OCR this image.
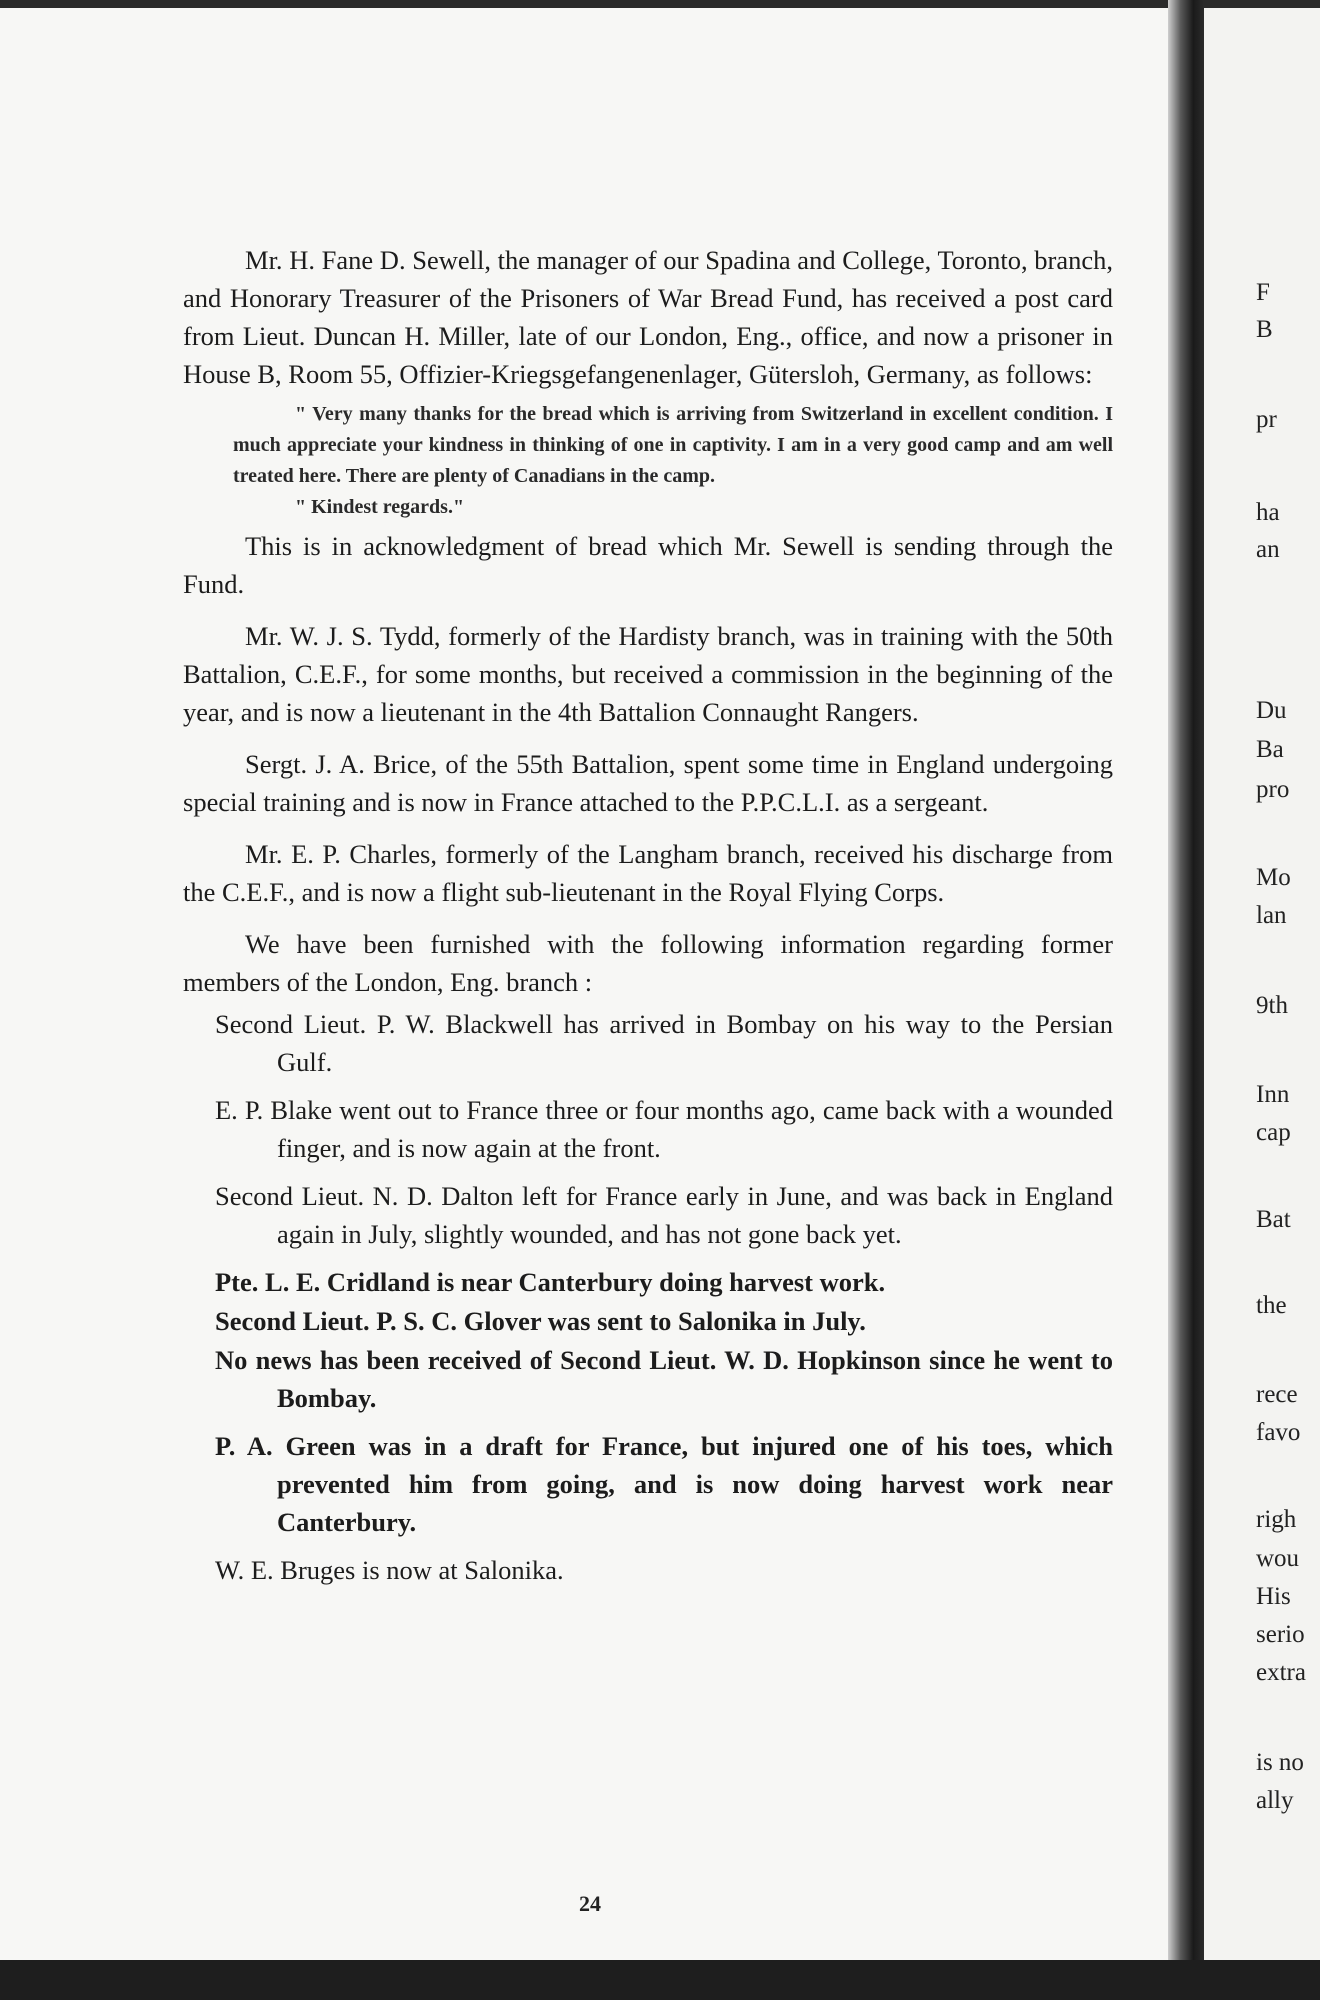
Mr. H. Fane D. Sewell, the manager of our Spadina and College, Toronto, branch, and Honorary Treasurer of the Prisoners of War Bread Fund, has received a post card from Lieut. Duncan H. Miller, late of our London, Eng., office, and now a prisoner in House B, Room 55, Offizier-Kriegsgefangenenlager, Gütersloh, Germany, as follows:

" Very many thanks for the bread which is arriving from Switzerland in excellent condition. I much appreciate your kindness in thinking of one in captivity. I am in a very good camp and am well treated here. There are plenty of Canadians in the camp.

" Kindest regards."

This is in acknowledgment of bread which Mr. Sewell is sending through the Fund.

Mr. W. J. S. Tydd, formerly of the Hardisty branch, was in training with the 50th Battalion, C.E.F., for some months, but received a commission in the beginning of the year, and is now a lieutenant in the 4th Battalion Connaught Rangers.

Sergt. J. A. Brice, of the 55th Battalion, spent some time in England undergoing special training and is now in France attached to the P.P.C.L.I. as a sergeant.

Mr. E. P. Charles, formerly of the Langham branch, received his discharge from the C.E.F., and is now a flight sub-lieutenant in the Royal Flying Corps.

We have been furnished with the following information regarding former members of the London, Eng. branch :

Second Lieut. P. W. Blackwell has arrived in Bombay on his way to the Persian Gulf.
E. P. Blake went out to France three or four months ago, came back with a wounded finger, and is now again at the front.
Second Lieut. N. D. Dalton left for France early in June, and was back in England again in July, slightly wounded, and has not gone back yet.
Pte. L. E. Cridland is near Canterbury doing harvest work.
Second Lieut. P. S. C. Glover was sent to Salonika in July.
No news has been received of Second Lieut. W. D. Hopkinson since he went to Bombay.
P. A. Green was in a draft for France, but injured one of his toes, which prevented him from going, and is now doing harvest work near Canterbury.
W. E. Bruges is now at Salonika.
24
F
B
pr
ha
an
Du
Ba
pro
Mo
lan
9th
Inn
cap
Bat
the
rece
favo
righ
wou
His
serio
extra
is no
ally
